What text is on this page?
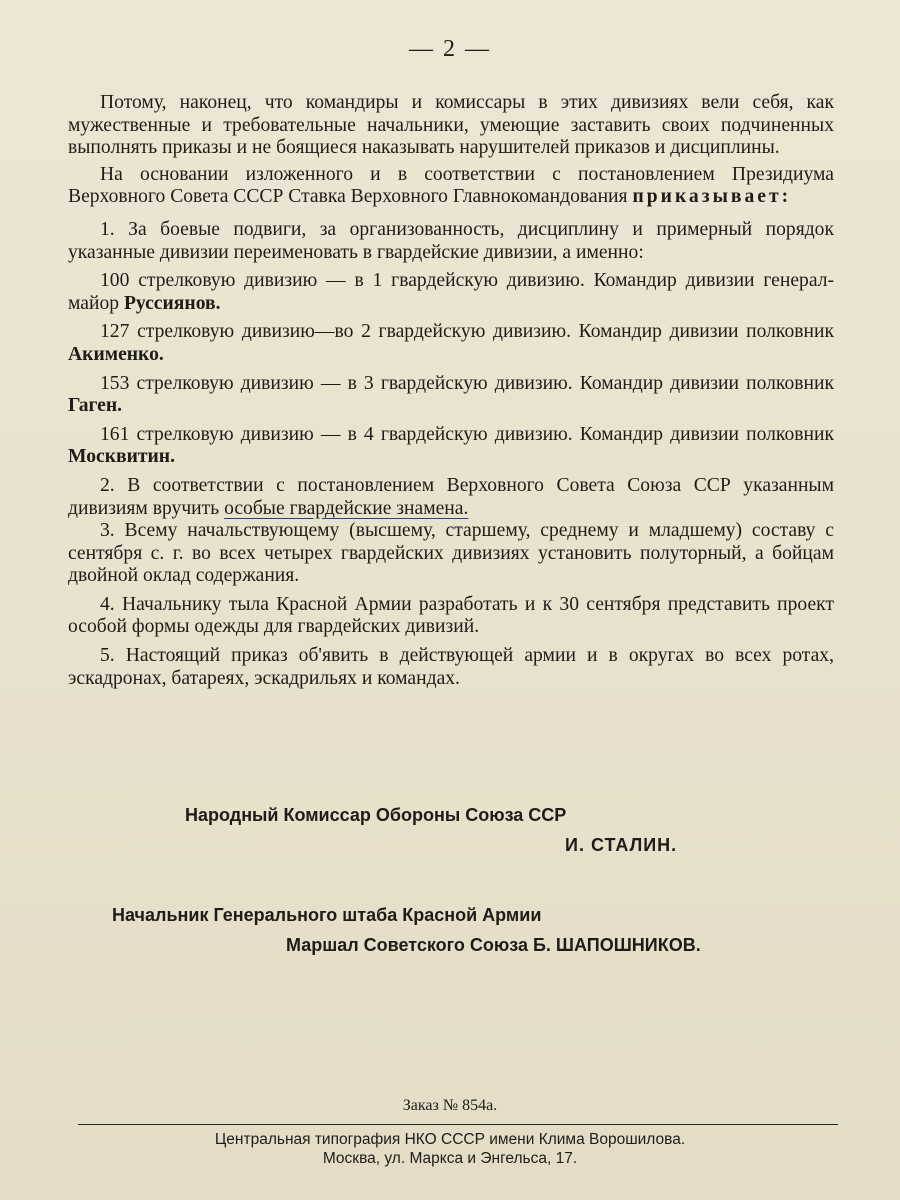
— 2 —

Потому, наконец, что командиры и комиссары в этих дивизиях вели себя, как мужественные и требовательные начальники, умеющие заставить своих подчиненных выполнять приказы и не боящиеся наказывать нарушителей приказов и дисциплины.

На основании изложенного и в соответствии с постановлением Президиума Верховного Совета СССР Ставка Верховного Главнокомандования приказывает:

1. За боевые подвиги, за организованность, дисциплину и примерный порядок указанные дивизии переименовать в гвардейские дивизии, а именно:

100 стрелковую дивизию — в 1 гвардейскую дивизию. Командир дивизии генерал-майор Руссиянов.

127 стрелковую дивизию—во 2 гвардейскую дивизию. Командир дивизии полковник Акименко.

153 стрелковую дивизию — в 3 гвардейскую дивизию. Командир дивизии полковник Гаген.

161 стрелковую дивизию — в 4 гвардейскую дивизию. Командир дивизии полковник Москвитин.

2. В соответствии с постановлением Верховного Совета Союза ССР указанным дивизиям вручить особые гвардейские знамена.

3. Всему начальствующему (высшему, старшему, среднему и младшему) составу с сентября с. г. во всех четырех гвардейских дивизиях установить полуторный, а бойцам двойной оклад содержания.

4. Начальнику тыла Красной Армии разработать и к 30 сентября представить проект особой формы одежды для гвардейских дивизий.

5. Настоящий приказ об'явить в действующей армии и в округах во всех ротах, эскадронах, батареях, эскадрильях и командах.

Народный Комиссар Обороны Союза ССР
И. СТАЛИН.
Начальник Генерального штаба Красной Армии
Маршал Советского Союза Б. ШАПОШНИКОВ.
Заказ № 854а.
Центральная типография НКО СССР имени Клима Ворошилова.
Москва, ул. Маркса и Энгельса, 17.
